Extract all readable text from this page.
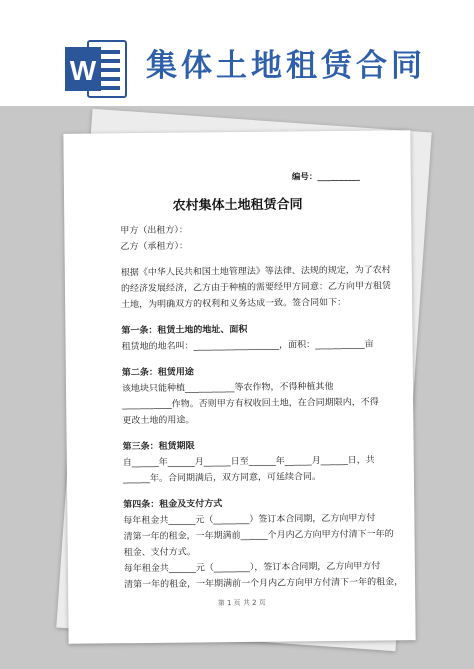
W 集体土地租赁合同
编号：__________
农村集体土地租赁合同
甲方（出租方）：
乙方（承租方）：
根据《中华人民共和国土地管理法》等法律、法规的规定，为了农村
的经济发展经济，乙方由于种植的需要经甲方同意：乙方向甲方租赁
土地，为明确双方的权利和义务达成一致。签合同如下：
第一条：租赁土地的地址、面积
租赁地的地名叫：___________________，面积：___________亩
第二条：租赁用途
该地块只能种植___________等农作物，不得种植其他
___________作物。否则甲方有权收回土地，在合同期限内，不得
更改土地的用途。
第三条：租赁期限
自______年______月______日至______年______月______日，共
______年。合同期满后，双方同意，可延续合同。
第四条：租金及支付方式
每年租金共______元（________）签订本合同期，乙方向甲方付
清第一年的租金，一年期满前______个月内乙方向甲方付清下一年的
租金、支付方式。
每年租金共______元（________），签订本合同期，乙方向甲方付
清第一年的租金，一年期满前一个月内乙方向甲方付清下一年的租金，
第 1 页 共 2 页
